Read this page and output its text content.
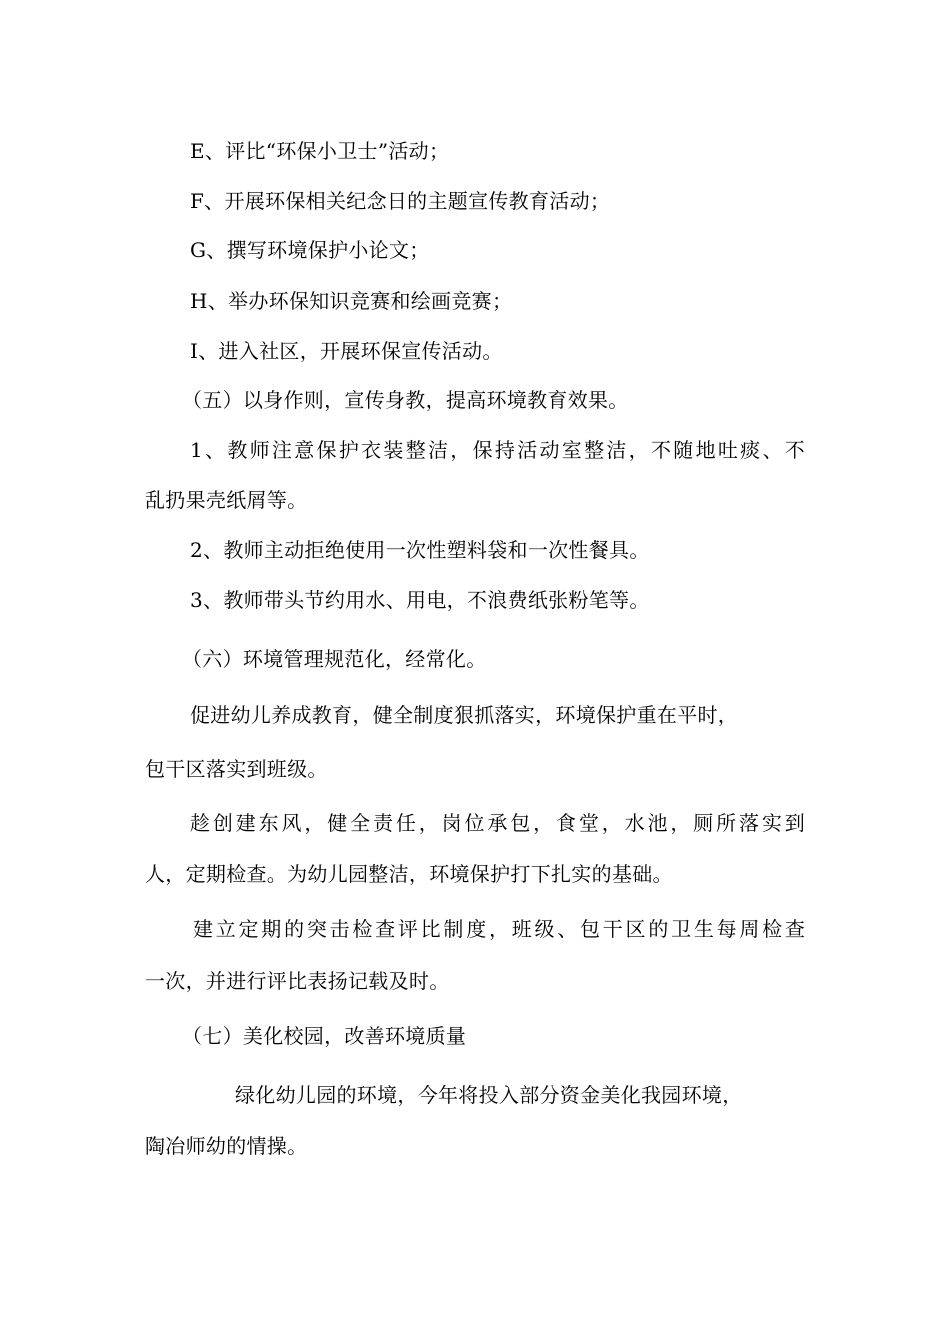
E、评比“环保小卫士”活动；
F、开展环保相关纪念日的主题宣传教育活动；
G、撰写环境保护小论文；
H、举办环保知识竞赛和绘画竞赛；
I、进入社区，开展环保宣传活动。
（五）以身作则，宣传身教，提高环境教育效果。
1 、 教 师 注 意 保 护 衣 装 整 洁 ， 保 持 活 动 室 整 洁 ， 不 随 地 吐 痰 、 不
乱扔果壳纸屑等。
2、教师主动拒绝使用一次性塑料袋和一次性餐具。
3、教师带头节约用水、用电，不浪费纸张粉笔等。
（六）环境管理规范化，经常化。
促进幼儿养成教育，健全制度狠抓落实，环境保护重在平时，
包干区落实到班级。
趁 创 建 东 风 ， 健 全 责 任 ， 岗 位 承 包 ， 食 堂 ， 水 池 ， 厕 所 落 实 到
人，定期检查。为幼儿园整洁，环境保护打下扎实的基础。
建 立 定 期 的 突 击 检 查 评 比 制 度 ， 班 级 、 包 干 区 的 卫 生 每 周 检 查
一次，并进行评比表扬记载及时。
（七）美化校园，改善环境质量
绿化幼儿园的环境，今年将投入部分资金美化我园环境，
陶冶师幼的情操。
